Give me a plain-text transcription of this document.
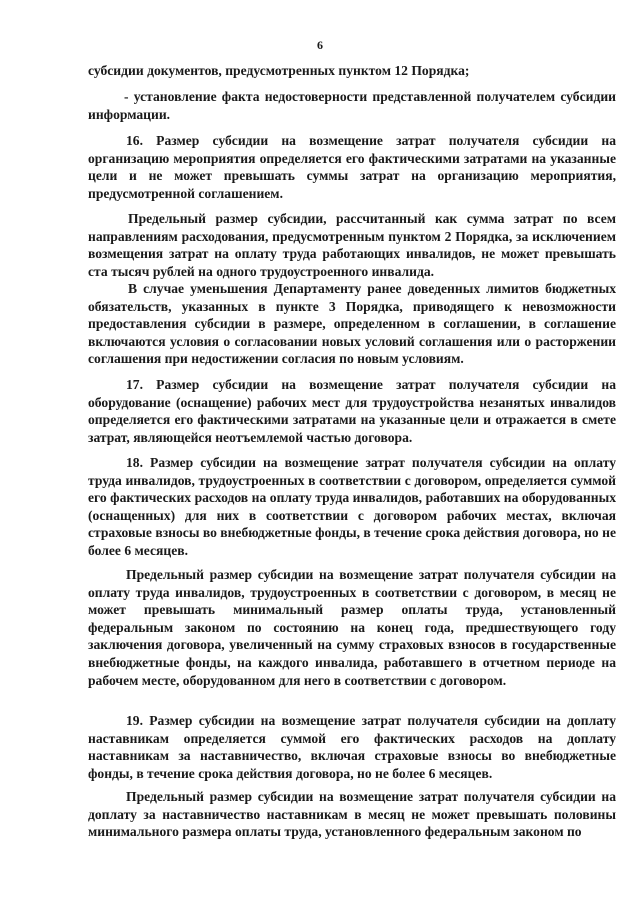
6

субсидии документов, предусмотренных пунктом 12 Порядка;

- установление факта недостоверности представленной получателем субсидии информации.

16. Размер субсидии на возмещение затрат получателя субсидии на организацию мероприятия определяется его фактическими затратами на указанные цели и не может превышать суммы затрат на организацию мероприятия, предусмотренной соглашением.

Предельный размер субсидии, рассчитанный как сумма затрат по всем направлениям расходования, предусмотренным пунктом 2 Порядка, за исключением возмещения затрат на оплату труда работающих инвалидов, не может превышать ста тысяч рублей на одного трудоустроенного инвалида.

В случае уменьшения Департаменту ранее доведенных лимитов бюджетных обязательств, указанных в пункте 3 Порядка, приводящего к невозможности предоставления субсидии в размере, определенном в соглашении, в соглашение включаются условия о согласовании новых условий соглашения или о расторжении соглашения при недостижении согласия по новым условиям.

17. Размер субсидии на возмещение затрат получателя субсидии на оборудование (оснащение) рабочих мест для трудоустройства незанятых инвалидов определяется его фактическими затратами на указанные цели и отражается в смете затрат, являющейся неотъемлемой частью договора.

18. Размер субсидии на возмещение затрат получателя субсидии на оплату труда инвалидов, трудоустроенных в соответствии с договором, определяется суммой его фактических расходов на оплату труда инвалидов, работавших на оборудованных (оснащенных) для них в соответствии с договором рабочих местах, включая страховые взносы во внебюджетные фонды, в течение срока действия договора, но не более 6 месяцев.

Предельный размер субсидии на возмещение затрат получателя субсидии на оплату труда инвалидов, трудоустроенных в соответствии с договором, в месяц не может превышать минимальный размер оплаты труда, установленный федеральным законом по состоянию на конец года, предшествующего году заключения договора, увеличенный на сумму страховых взносов в государственные внебюджетные фонды, на каждого инвалида, работавшего в отчетном периоде на рабочем месте, оборудованном для него в соответствии с договором.

19. Размер субсидии на возмещение затрат получателя субсидии на доплату наставникам определяется суммой его фактических расходов на доплату наставникам за наставничество, включая страховые взносы во внебюджетные фонды, в течение срока действия договора, но не более 6 месяцев.

Предельный размер субсидии на возмещение затрат получателя субсидии на доплату за наставничество наставникам в месяц не может превышать половины минимального размера оплаты труда, установленного федеральным законом по
